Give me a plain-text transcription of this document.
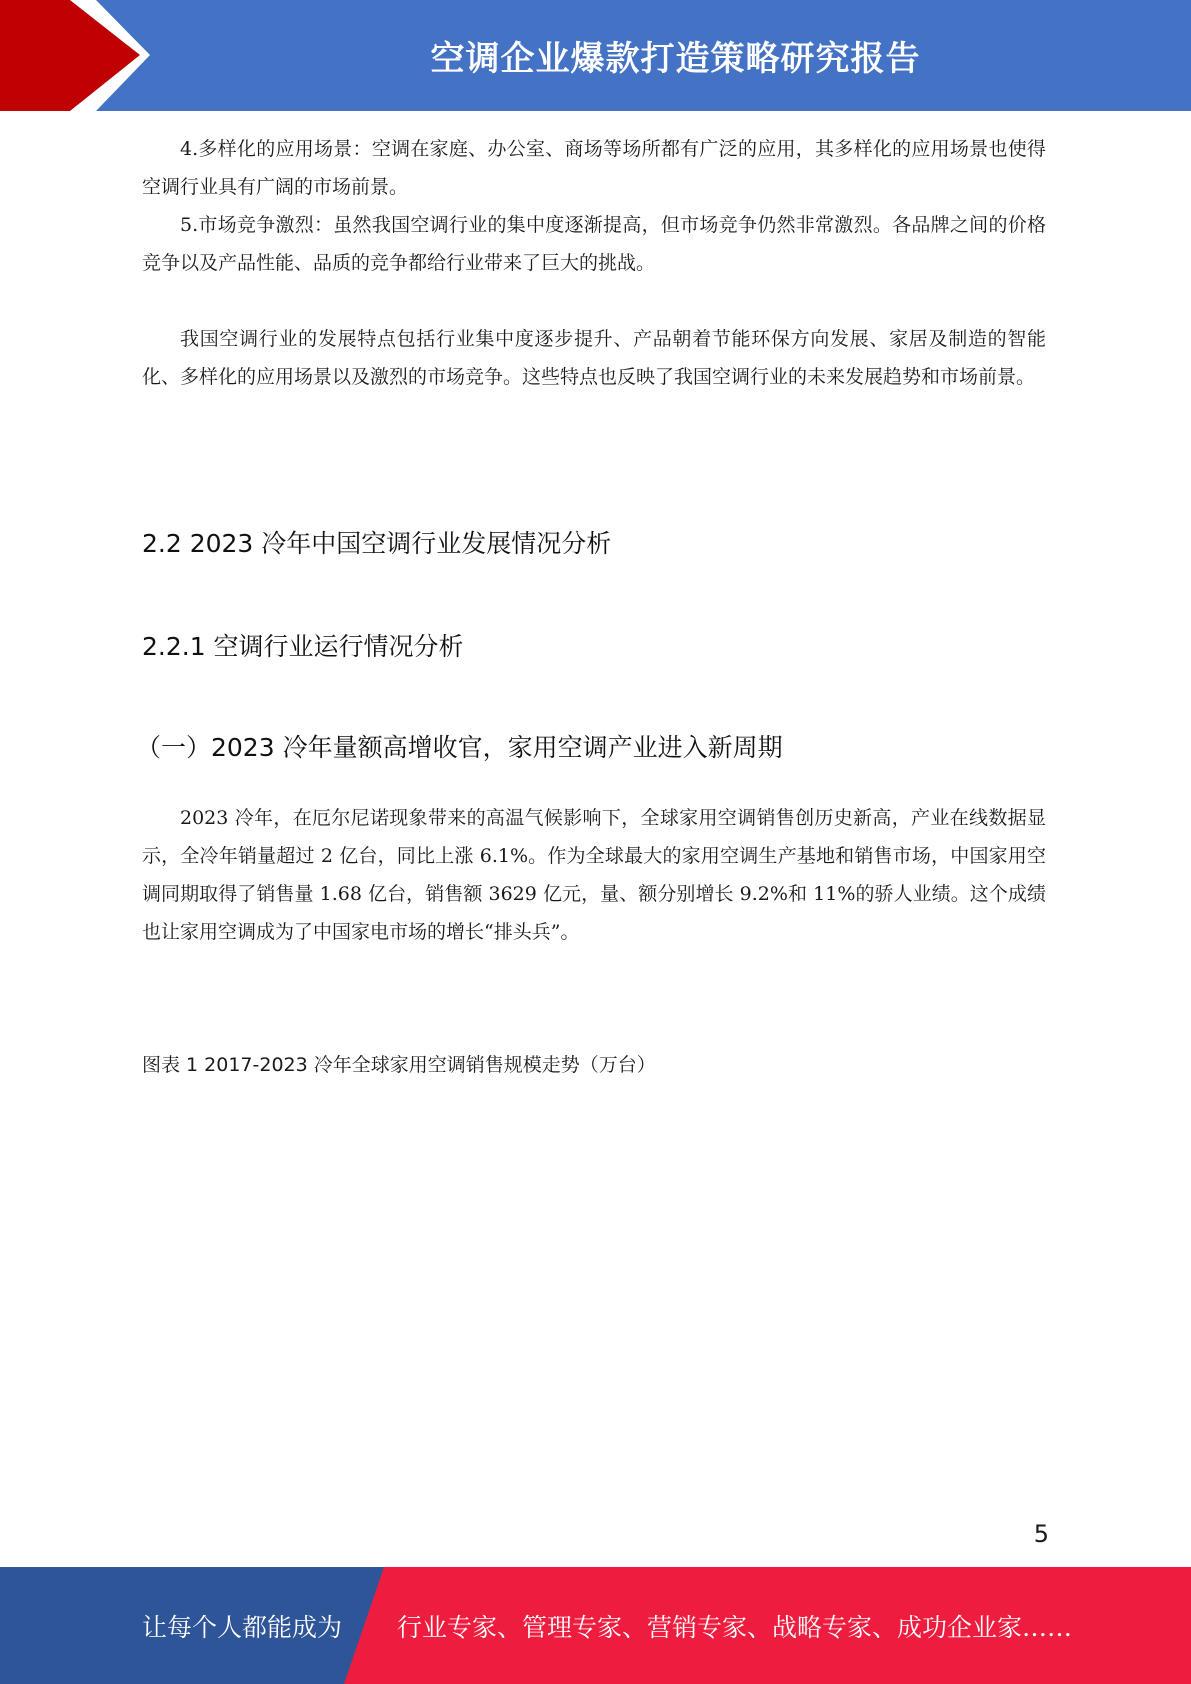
空调企业爆款打造策略研究报告

4.多样化的应用场景：空调在家庭、办公室、商场等场所都有广泛的应用，其多样化的应用场景也使得空调行业具有广阔的市场前景。

5.市场竞争激烈：虽然我国空调行业的集中度逐渐提高，但市场竞争仍然非常激烈。各品牌之间的价格竞争以及产品性能、品质的竞争都给行业带来了巨大的挑战。

我国空调行业的发展特点包括行业集中度逐步提升、产品朝着节能环保方向发展、家居及制造的智能化、多样化的应用场景以及激烈的市场竞争。这些特点也反映了我国空调行业的未来发展趋势和市场前景。

2.2 2023 冷年中国空调行业发展情况分析
2.2.1 空调行业运行情况分析
（一）2023 冷年量额高增收官，家用空调产业进入新周期

2023 冷年，在厄尔尼诺现象带来的高温气候影响下，全球家用空调销售创历史新高，产业在线数据显示，全冷年销量超过 2 亿台，同比上涨 6.1%。作为全球最大的家用空调生产基地和销售市场，中国家用空调同期取得了销售量 1.68 亿台，销售额 3629 亿元，量、额分别增长 9.2%和 11%的骄人业绩。这个成绩也让家用空调成为了中国家电市场的增长“排头兵”。

图表 1 2017-2023 冷年全球家用空调销售规模走势（万台）
5
让每个人都能成为 行业专家、管理专家、营销专家、战略专家、成功企业家……
